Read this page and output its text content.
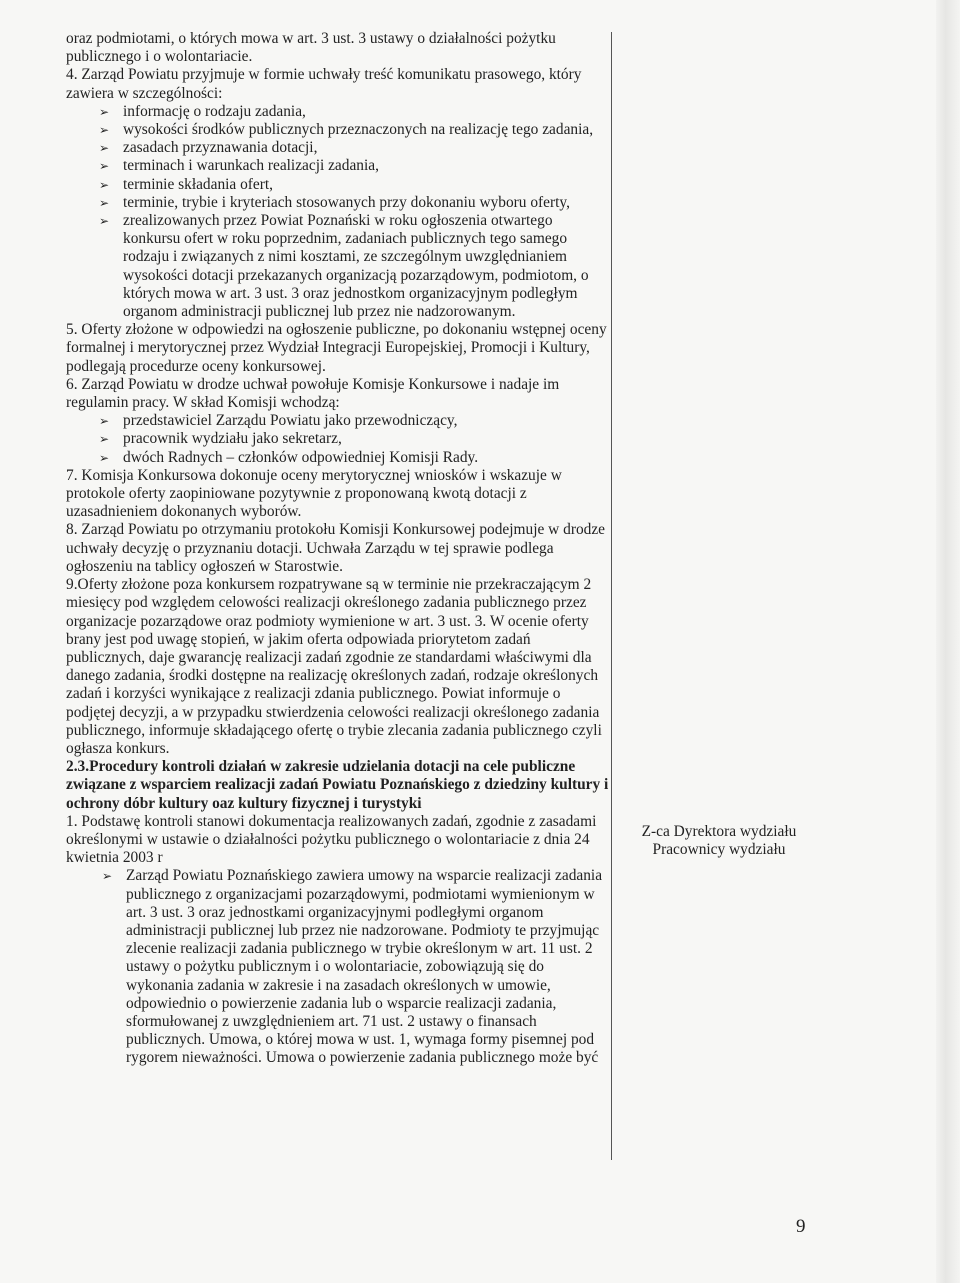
oraz podmiotami, o których mowa w art. 3 ust. 3 ustawy o działalności pożytku publicznego i o wolontariacie.
4. Zarząd Powiatu przyjmuje w formie uchwały treść komunikatu prasowego, który zawiera w szczególności:
➢ informację o rodzaju zadania,
➢ wysokości środków publicznych przeznaczonych na realizację tego zadania,
➢ zasadach przyznawania dotacji,
➢ terminach i warunkach realizacji zadania,
➢ terminie składania ofert,
➢ terminie, trybie i kryteriach stosowanych przy dokonaniu wyboru oferty,
➢ zrealizowanych przez Powiat Poznański w roku ogłoszenia otwartego konkursu ofert w roku poprzednim, zadaniach publicznych tego samego rodzaju i związanych z nimi kosztami, ze szczególnym uwzględnianiem wysokości dotacji przekazanych organizacją pozarządowym, podmiotom, o których mowa w art. 3 ust. 3 oraz jednostkom organizacyjnym podległym organom administracji publicznej lub przez nie nadzorowanym.
5. Oferty złożone w odpowiedzi na ogłoszenie publiczne, po dokonaniu wstępnej oceny formalnej i merytorycznej przez Wydział Integracji Europejskiej, Promocji i Kultury, podlegają procedurze oceny konkursowej.
6. Zarząd Powiatu w drodze uchwał powołuje Komisje Konkursowe i nadaje im regulamin pracy. W skład Komisji wchodzą:
➢ przedstawiciel Zarządu Powiatu jako przewodniczący,
➢ pracownik wydziału jako sekretarz,
➢ dwóch Radnych – członków odpowiedniej Komisji Rady.
7. Komisja Konkursowa dokonuje oceny merytorycznej wniosków i wskazuje w protokole oferty zaopiniowane pozytywnie z proponowaną kwotą dotacji z uzasadnieniem dokonanych wyborów.
8. Zarząd Powiatu po otrzymaniu protokołu Komisji Konkursowej podejmuje w drodze uchwały decyzję o przyznaniu dotacji. Uchwała Zarządu w tej sprawie podlega ogłoszeniu na tablicy ogłoszeń w Starostwie.
9.Oferty złożone poza konkursem rozpatrywane są w terminie nie przekraczającym 2 miesięcy pod względem celowości realizacji określonego zadania publicznego przez organizacje pozarządowe oraz podmioty wymienione w art. 3 ust. 3. W ocenie oferty brany jest pod uwagę stopień, w jakim oferta odpowiada priorytetom zadań publicznych, daje gwarancję realizacji zadań zgodnie ze standardami właściwymi dla danego zadania, środki dostępne na realizację określonych zadań, rodzaje określonych zadań i korzyści wynikające z realizacji zdania publicznego. Powiat informuje o podjętej decyzji, a w przypadku stwierdzenia celowości realizacji określonego zadania publicznego, informuje składającego ofertę o trybie zlecania zadania publicznego czyli ogłasza konkurs.
2.3.Procedury kontroli działań w zakresie udzielania dotacji na cele publiczne związane z wsparciem realizacji zadań Powiatu Poznańskiego z dziedziny kultury i ochrony dóbr kultury oaz kultury fizycznej i turystyki
1. Podstawę kontroli stanowi dokumentacja realizowanych zadań, zgodnie z zasadami określonymi w ustawie o działalności pożytku publicznego o wolontariacie z dnia 24 kwietnia 2003 r
➢ Zarząd Powiatu Poznańskiego zawiera umowy na wsparcie realizacji zadania publicznego z organizacjami pozarządowymi, podmiotami wymienionym w art. 3 ust. 3 oraz jednostkami organizacyjnymi podległymi organom administracji publicznej lub przez nie nadzorowane. Podmioty te przyjmując zlecenie realizacji zadania publicznego w trybie określonym w art. 11 ust. 2 ustawy o pożytku publicznym i o wolontariacie, zobowiązują się do wykonania zadania w zakresie i na zasadach określonych w umowie, odpowiednio o powierzenie zadania lub o wsparcie realizacji zadania, sformułowanej z uwzględnieniem art. 71 ust. 2 ustawy o finansach publicznych. Umowa, o której mowa w ust. 1, wymaga formy pisemnej pod rygorem nieważności. Umowa o powierzenie zadania publicznego może być
Z-ca Dyrektora wydziału
Pracownicy wydziału
9
